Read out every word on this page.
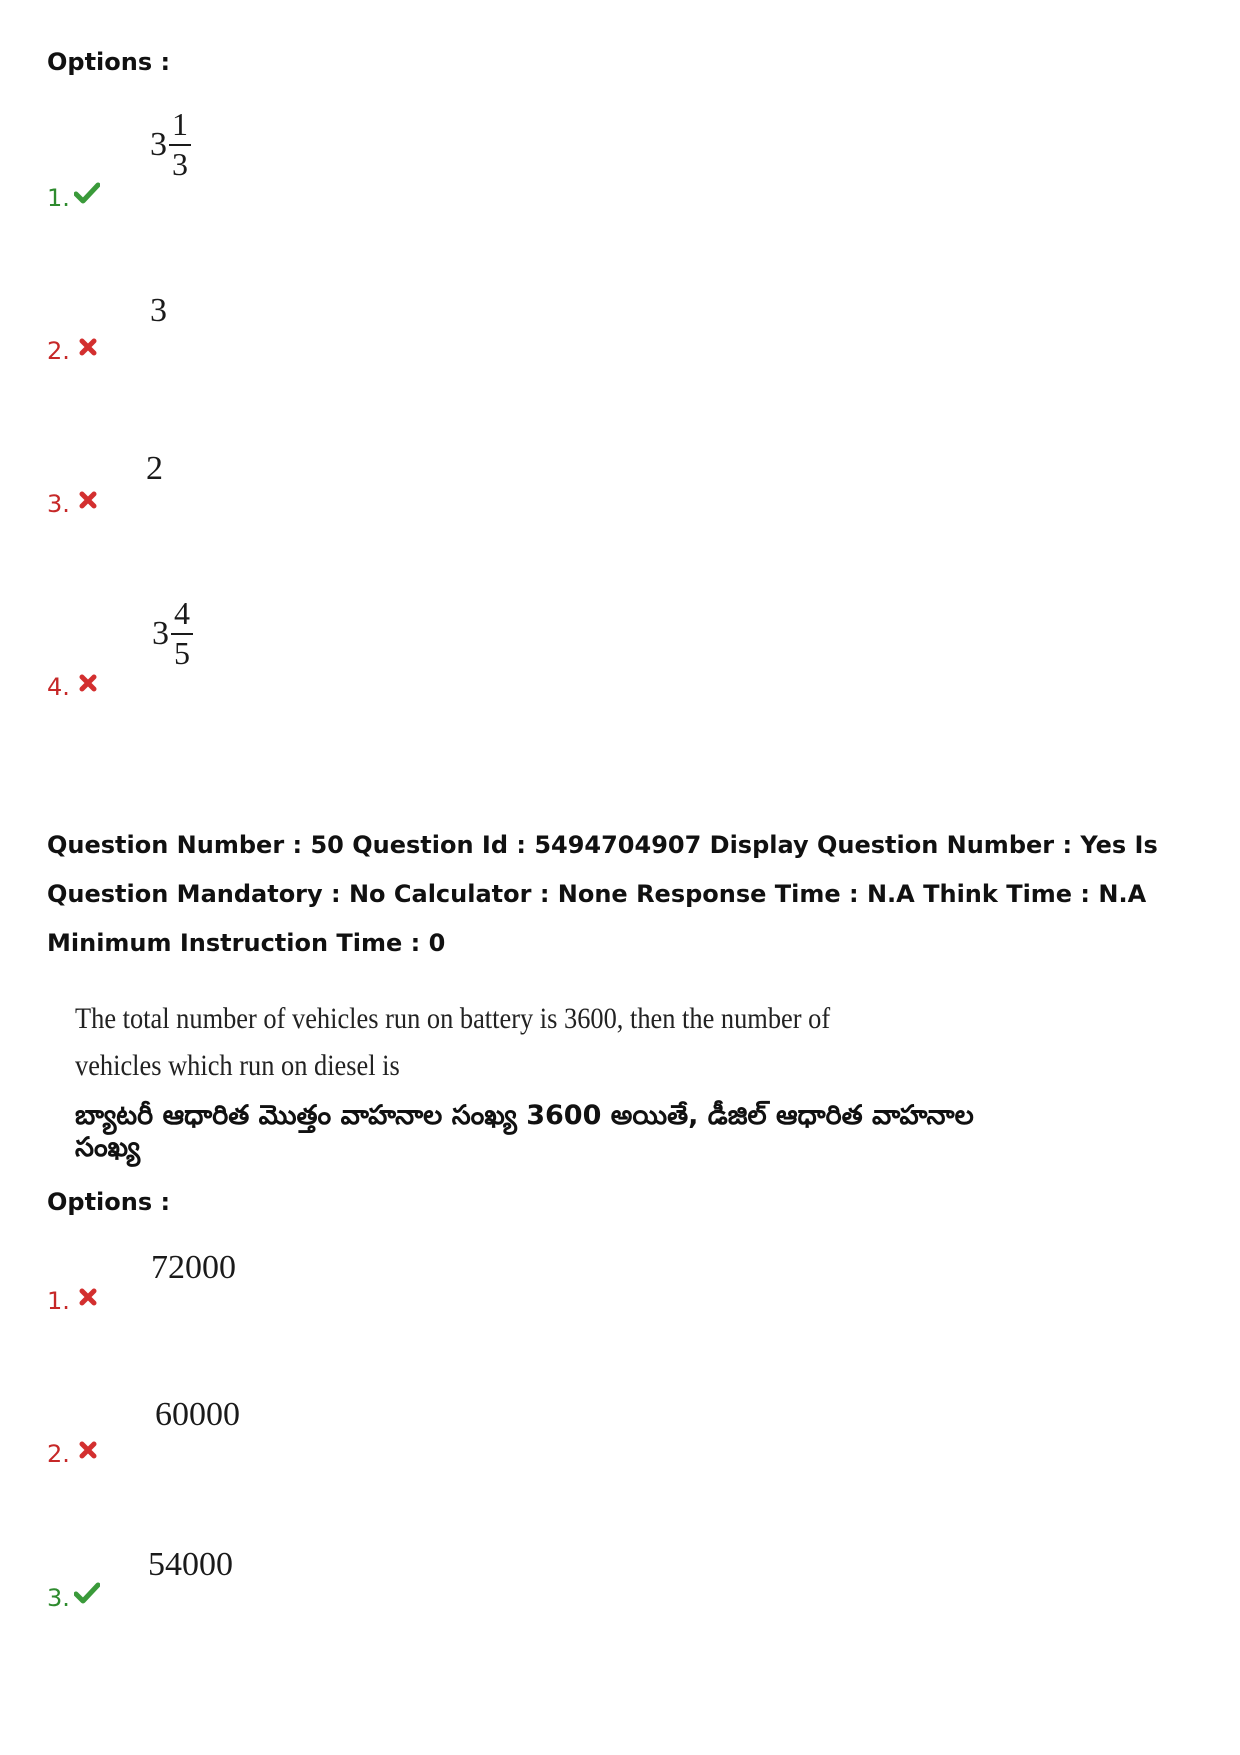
Options :
$3 \frac{1}{3}$
1.
3
2.
2
3.
$3 \frac{4}{5}$
4.
Question Number : 50 Question Id : 5494704907 Display Question Number : Yes Is Question Mandatory : No Calculator : None Response Time : N.A Think Time : N.A Minimum Instruction Time : 0
The total number of vehicles run on battery is 3600, then the number of vehicles which run on diesel is
బ్యాటరీ ఆధారిత మొత్తం వాహనాల సంఖ్య 3600 అయితే, డీజిల్ ఆధారిత వాహనాల సంఖ్య
Options :
72000
1.
60000
2.
54000
3.
